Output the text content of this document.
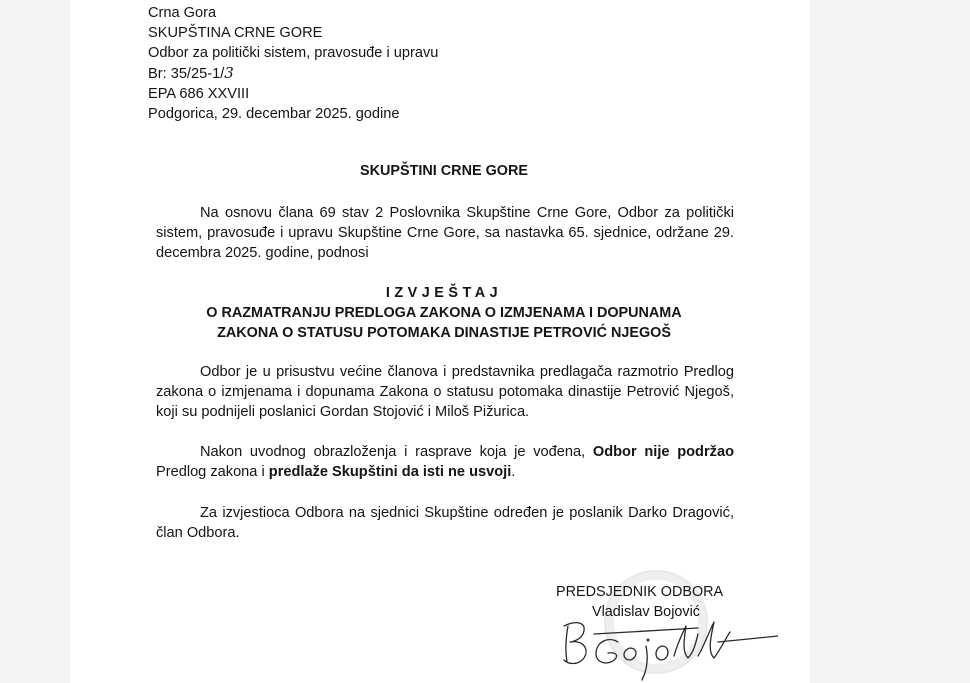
Crna Gora
SKUPŠTINA CRNE GORE
Odbor za politički sistem, pravosuđe i upravu
Br: 35/25-1/3
EPA 686 XXVIII
Podgorica, 29. decembar 2025. godine
SKUPŠTINI CRNE GORE
Na osnovu člana 69 stav 2 Poslovnika Skupštine Crne Gore, Odbor za politički sistem, pravosuđe i upravu Skupštine Crne Gore, sa nastavka 65. sjednice, održane 29. decembra 2025. godine, podnosi
IZVJEŠTAJ
O RAZMATRANJU PREDLOGA ZAKONA O IZMJENAMA I DOPUNAMA
ZAKONA O STATUSU POTOMAKA DINASTIJE PETROVIĆ NJEGOŠ
Odbor je u prisustvu većine članova i predstavnika predlagača razmotrio Predlog zakona o izmjenama i dopunama Zakona o statusu potomaka dinastije Petrović Njegoš, koji su podnijeli poslanici Gordan Stojović i Miloš Pižurica.
Nakon uvodnog obrazloženja i rasprave koja je vođena, Odbor nije podržao Predlog zakona i predlaže Skupštini da isti ne usvoji.
Za izvjestioca Odbora na sjednici Skupštine određen je poslanik Darko Dragović, član Odbora.
PREDSJEDNIK ODBORA
Vladislav Bojović
